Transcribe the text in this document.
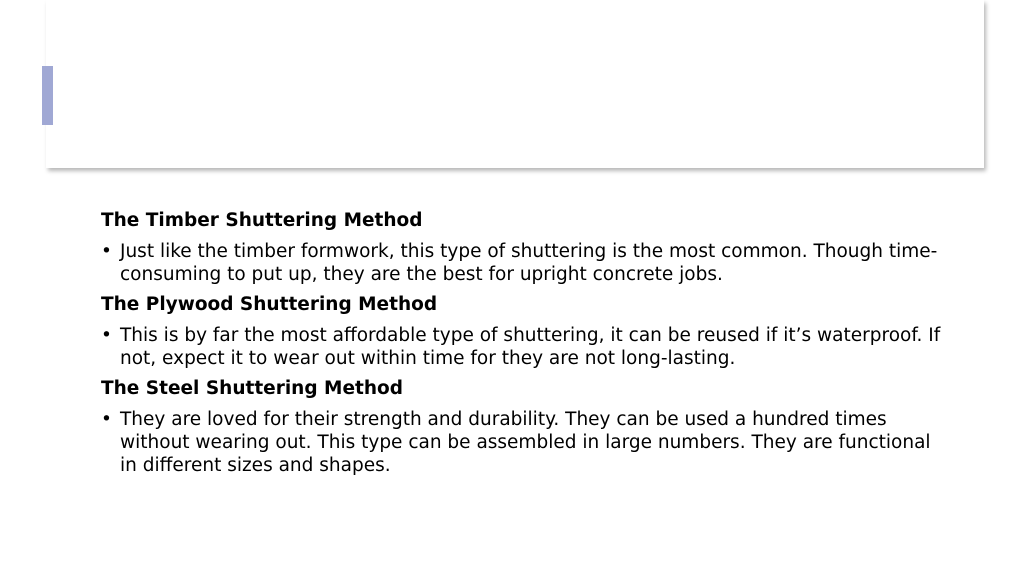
The Timber Shuttering Method
• Just like the timber formwork, this type of shuttering is the most common. Though time-consuming to put up, they are the best for upright concrete jobs.
The Plywood Shuttering Method
• This is by far the most affordable type of shuttering, it can be reused if it’s waterproof. If not, expect it to wear out within time for they are not long-lasting.
The Steel Shuttering Method
• They are loved for their strength and durability. They can be used a hundred times without wearing out. This type can be assembled in large numbers. They are functional in different sizes and shapes.
